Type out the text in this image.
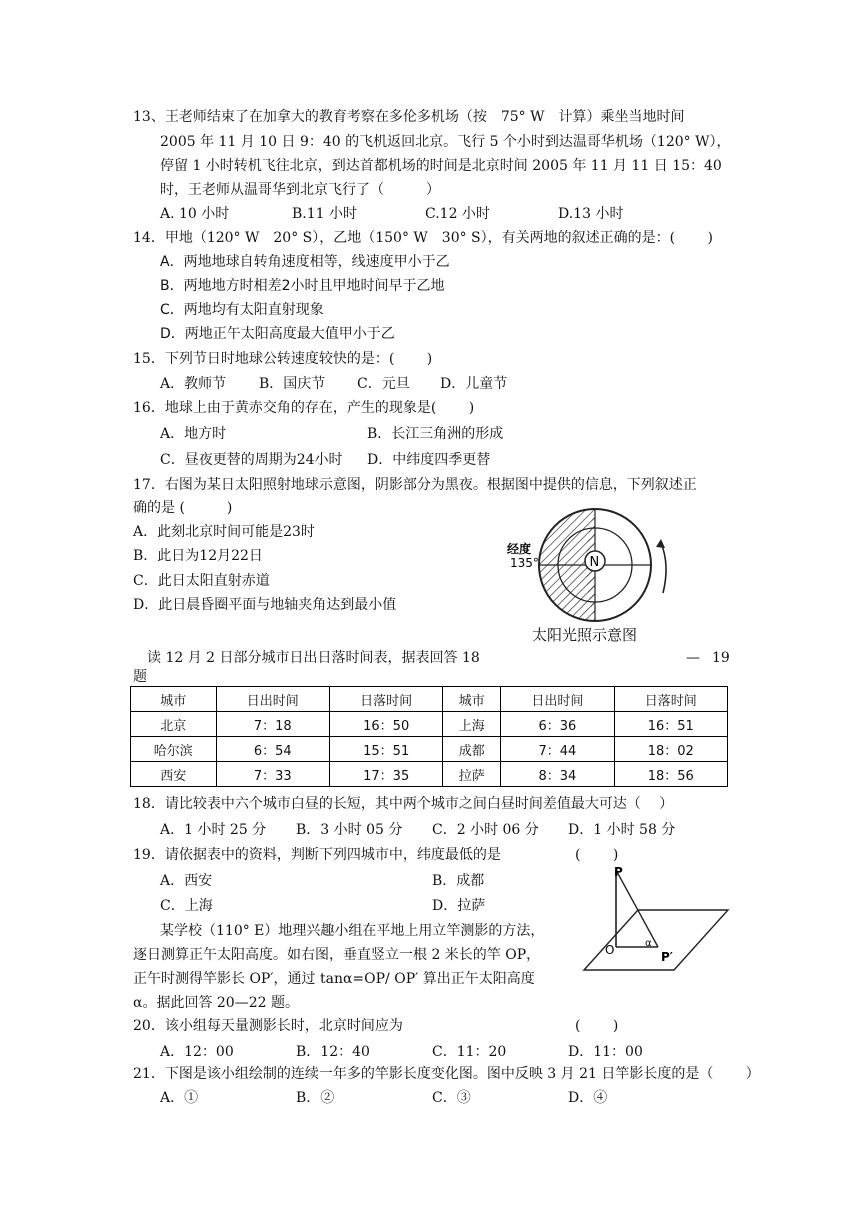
13、王老师结束了在加拿大的教育考察在多伦多机场（按　75° W　计算）乘坐当地时间
2005 年 11 月 10 日 9：40 的飞机返回北京。飞行 5 个小时到达温哥华机场（120° W），
停留 1 小时转机飞往北京，到达首都机场的时间是北京时间 2005 年 11 月 11 日 15：40
时，王老师从温哥华到北京飞行了（　　　）
A. 10 小时	B.11 小时	C.12 小时	D.13 小时
14．甲地（120° W　20° S），乙地（150° W　30° S），有关两地的叙述正确的是：(　　 )
A．两地地球自转角速度相等，线速度甲小于乙
B．两地地方时相差2小时且甲地时间早于乙地
C．两地均有太阳直射现象
D．两地正午太阳高度最大值甲小于乙
15．下列节日时地球公转速度较快的是：(　　 )
A．教师节 B．国庆节 C．元旦 D．儿童节
16．地球上由于黄赤交角的存在，产生的现象是(　　 )
A．地方时	B．长江三角洲的形成
C．昼夜更替的周期为24小时 D．中纬度四季更替
17．右图为某日太阳照射地球示意图，阴影部分为黑夜。根据图中提供的信息，下列叙述正
确的是 (　　　)
A．此刻北京时间可能是23时
B．此日为12月22日
C．此日太阳直射赤道
D．此日晨昏圈平面与地轴夹角达到最小值
N
经度
135°
太阳光照示意图
读 12 月 2 日部分城市日出日落时间表，据表回答 18	— 19
题
城市	日出时间	日落时间	城市	日出时间	日落时间
北京	7：18	16：50	上海	6：36	16：51
哈尔滨	6：54	15：51	成都	7：44	18：02
西安	7：33	17：35	拉萨	8：34	18：56
18．请比较表中六个城市白昼的长短，其中两个城市之间白昼时间差值最大可达（　 ）
A．1 小时 25 分 B．3 小时 05 分 C．2 小时 06 分 D．1 小时 58 分
19．请依据表中的资料，判断下列四城市中，纬度最低的是	(　　 )
A．西安	B．成都
C．上海	D．拉萨
某学校（110° E）地理兴趣小组在平地上用立竿测影的方法，
逐日测算正午太阳高度。如右图，垂直竖立一根 2 米长的竿 OP，
正午时测得竿影长 OP′，通过 tanα=OP/ OP′ 算出正午太阳高度
α。据此回答 20—22 题。
P
O	α
P′
20．该小组每天量测影长时，北京时间应为	(　　 )
A．12：00	B．12：40	C．11：20	D．11：00
21．下图是该小组绘制的连续一年多的竿影长度变化图。图中反映 3 月 21 日竿影长度的是（　　 ）
A．①	B．②	C．③	D．④
